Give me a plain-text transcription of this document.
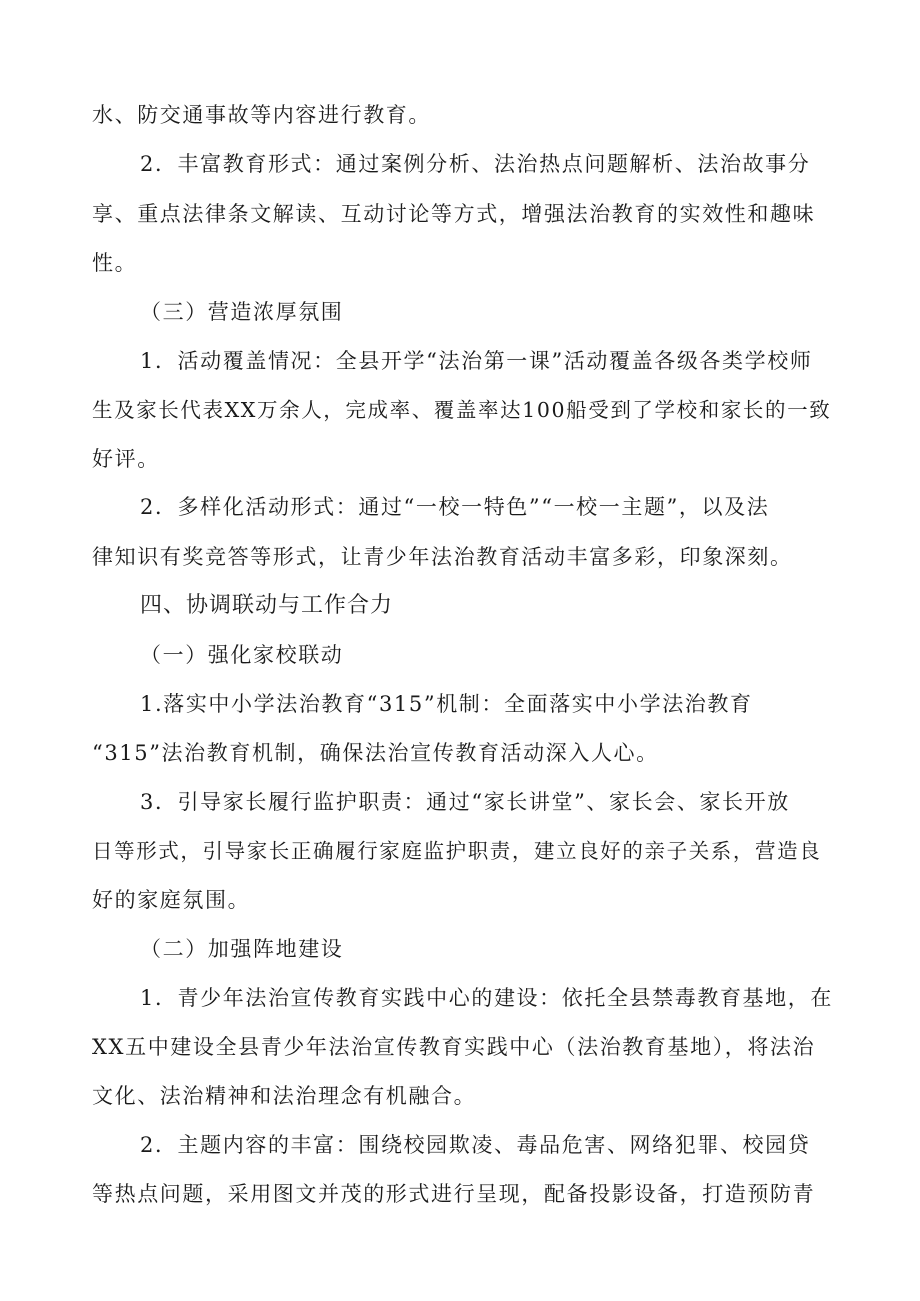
水、防交通事故等内容进行教育。
2．丰富教育形式：通过案例分析、法治热点问题解析、法治故事分
享、重点法律条文解读、互动讨论等方式，增强法治教育的实效性和趣味
性。
（三）营造浓厚氛围
1．活动覆盖情况：全县开学“法治第一课”活动覆盖各级各类学校师
生及家长代表XX万余人，完成率、覆盖率达100船受到了学校和家长的一致
好评。
2．多样化活动形式：通过“一校一特色”“一校一主题”，以及法
律知识有奖竞答等形式，让青少年法治教育活动丰富多彩，印象深刻。
四、协调联动与工作合力
（一）强化家校联动
1.落实中小学法治教育“315”机制：全面落实中小学法治教育
“315”法治教育机制，确保法治宣传教育活动深入人心。
3．引导家长履行监护职责：通过“家长讲堂”、家长会、家长开放
日等形式，引导家长正确履行家庭监护职责，建立良好的亲子关系，营造良
好的家庭氛围。
（二）加强阵地建设
1．青少年法治宣传教育实践中心的建设：依托全县禁毒教育基地，在
XX五中建设全县青少年法治宣传教育实践中心（法治教育基地），将法治
文化、法治精神和法治理念有机融合。
2．主题内容的丰富：围绕校园欺凌、毒品危害、网络犯罪、校园贷
等热点问题，采用图文并茂的形式进行呈现，配备投影设备，打造预防青
